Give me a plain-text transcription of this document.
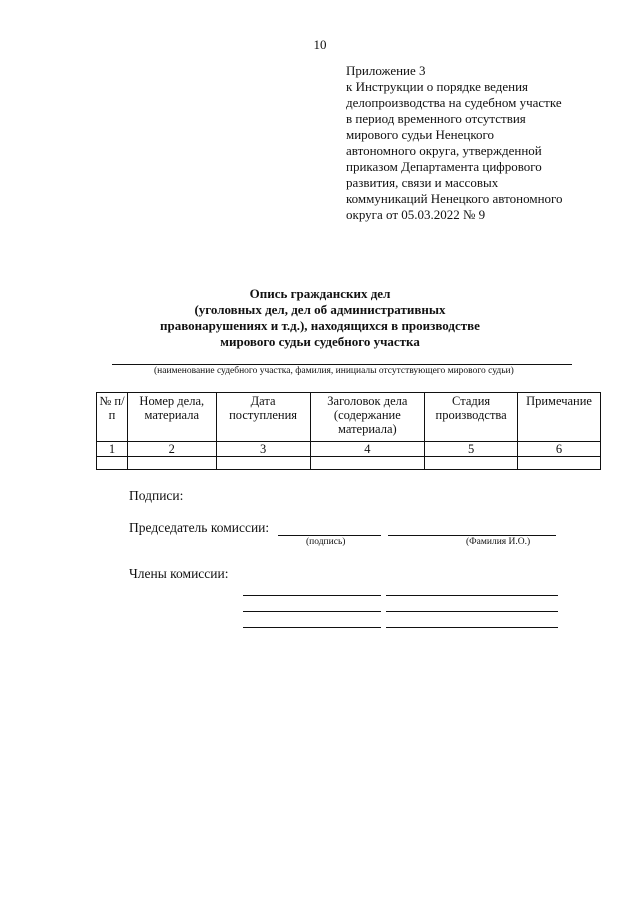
10
Приложение 3
к Инструкции о порядке ведения
делопроизводства на судебном участке
в период временного отсутствия
мирового судьи Ненецкого
автономного округа, утвержденной
приказом Департамента цифрового
развития, связи и массовых
коммуникаций Ненецкого автономного
округа от 05.03.2022 № 9
Опись гражданских дел
(уголовных дел, дел об административных
правонарушениях и т.д.), находящихся в производстве
мирового судьи судебного участка
(наименование судебного участка, фамилия, инициалы отсутствующего мирового судьи)
№ п/п	Номер дела, материала	Дата поступления	Заголовок дела (содержание материала)	Стадия производства	Примечание
1	2	3	4	5	6

Подписи:
Председатель комиссии:
(подпись)	(Фамилия И.О.)
Члены комиссии:
